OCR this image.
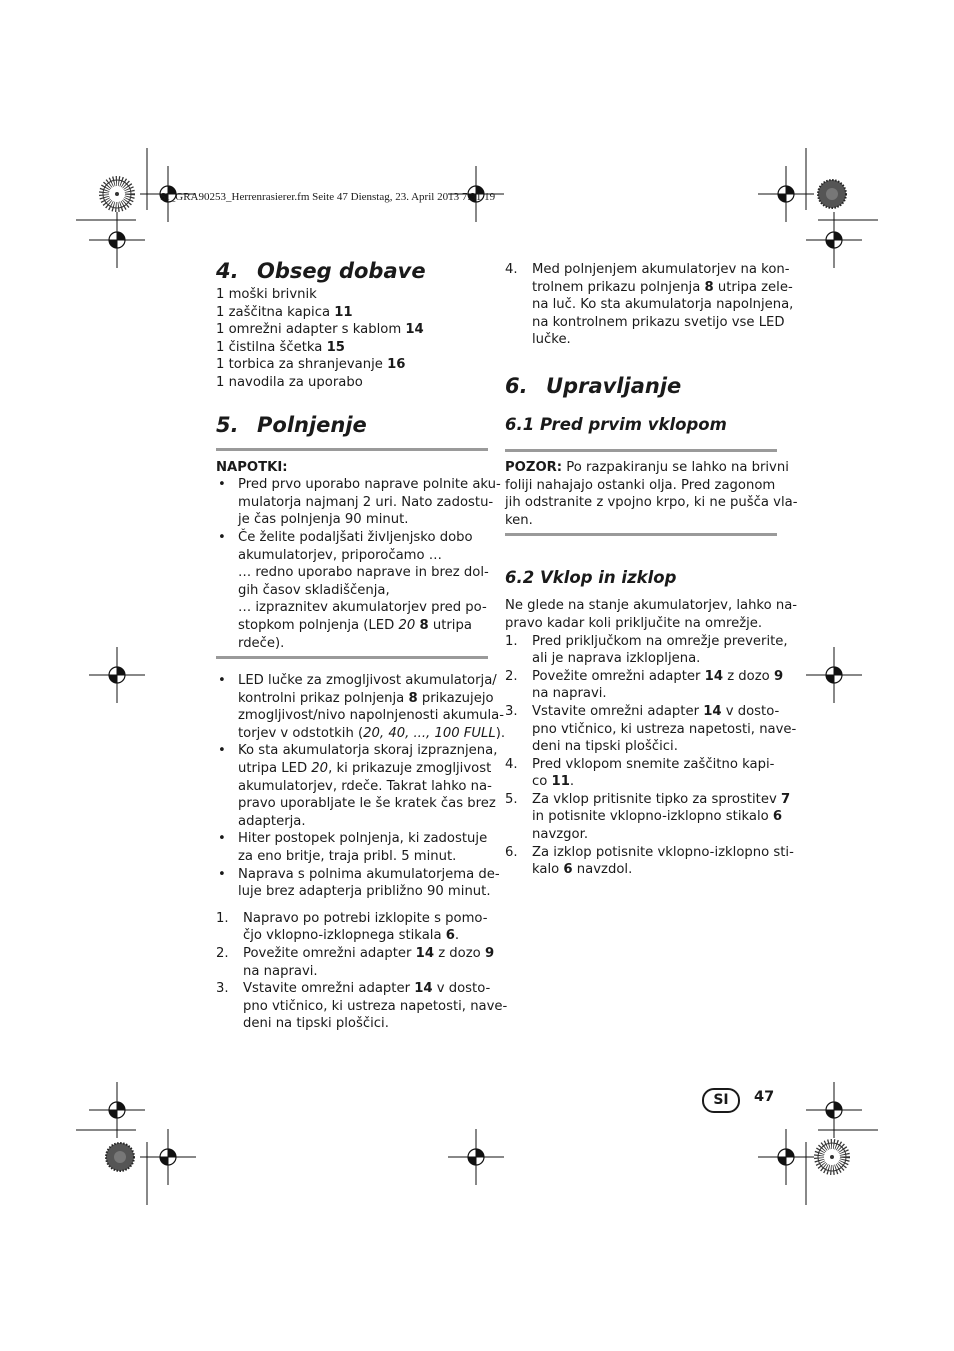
SI_GRA90253_Herrenrasierer.fm Seite 47 Dienstag, 23. April 2013 7:31 19
4. Obseg dobave
1 moški brivnik
1 zaščitna kapica 11
1 omrežni adapter s kablom 14
1 čistilna ščetka 15
1 torbica za shranjevanje 16
1 navodila za uporabo
5. Polnjenje
NAPOTKI:
• Pred prvo uporabo naprave polnite aku-
mulatorja najmanj 2 uri. Nato zadostu-
je čas polnjenja 90 minut.
• Če želite podaljšati življenjsko dobo
akumulatorjev, priporočamo …
… redno uporabo naprave in brez dol-
gih časov skladiščenja,
… izpraznitev akumulatorjev pred po-
stopkom polnjenja (LED 20 8 utripa
rdeče).
• LED lučke za zmogljivost akumulatorja/
kontrolni prikaz polnjenja 8 prikazujejo
zmogljivost/nivo napolnjenosti akumula-
torjev v odstotkih (20, 40, ..., 100 FULL).
• Ko sta akumulatorja skoraj izpraznjena,
utripa LED 20, ki prikazuje zmogljivost
akumulatorjev, rdeče. Takrat lahko na-
pravo uporabljate le še kratek čas brez
adapterja.
• Hiter postopek polnjenja, ki zadostuje
za eno britje, traja pribl. 5 minut.
• Naprava s polnima akumulatorjema de-
luje brez adapterja približno 90 minut.
1. Napravo po potrebi izklopite s pomo-
čjo vklopno-izklopnega stikala 6.
2. Povežite omrežni adapter 14 z dozo 9
na napravi.
3. Vstavite omrežni adapter 14 v dosto-
pno vtičnico, ki ustreza napetosti, nave-
deni na tipski ploščici.
4. Med polnjenjem akumulatorjev na kon-
trolnem prikazu polnjenja 8 utripa zele-
na luč. Ko sta akumulatorja napolnjena,
na kontrolnem prikazu svetijo vse LED
lučke.
6. Upravljanje
6.1 Pred prvim vklopom
POZOR: Po razpakiranju se lahko na brivni
foliji nahajajo ostanki olja. Pred zagonom
jih odstranite z vpojno krpo, ki ne pušča vla-
ken.
6.2 Vklop in izklop
Ne glede na stanje akumulatorjev, lahko na-
pravo kadar koli priključite na omrežje.
1. Pred priključkom na omrežje preverite,
ali je naprava izklopljena.
2. Povežite omrežni adapter 14 z dozo 9
na napravi.
3. Vstavite omrežni adapter 14 v dosto-
pno vtičnico, ki ustreza napetosti, nave-
deni na tipski ploščici.
4. Pred vklopom snemite zaščitno kapi-
co 11.
5. Za vklop pritisnite tipko za sprostitev 7
in potisnite vklopno-izklopno stikalo 6
navzgor.
6. Za izklop potisnite vklopno-izklopno sti-
kalo 6 navzdol.
SI	47
